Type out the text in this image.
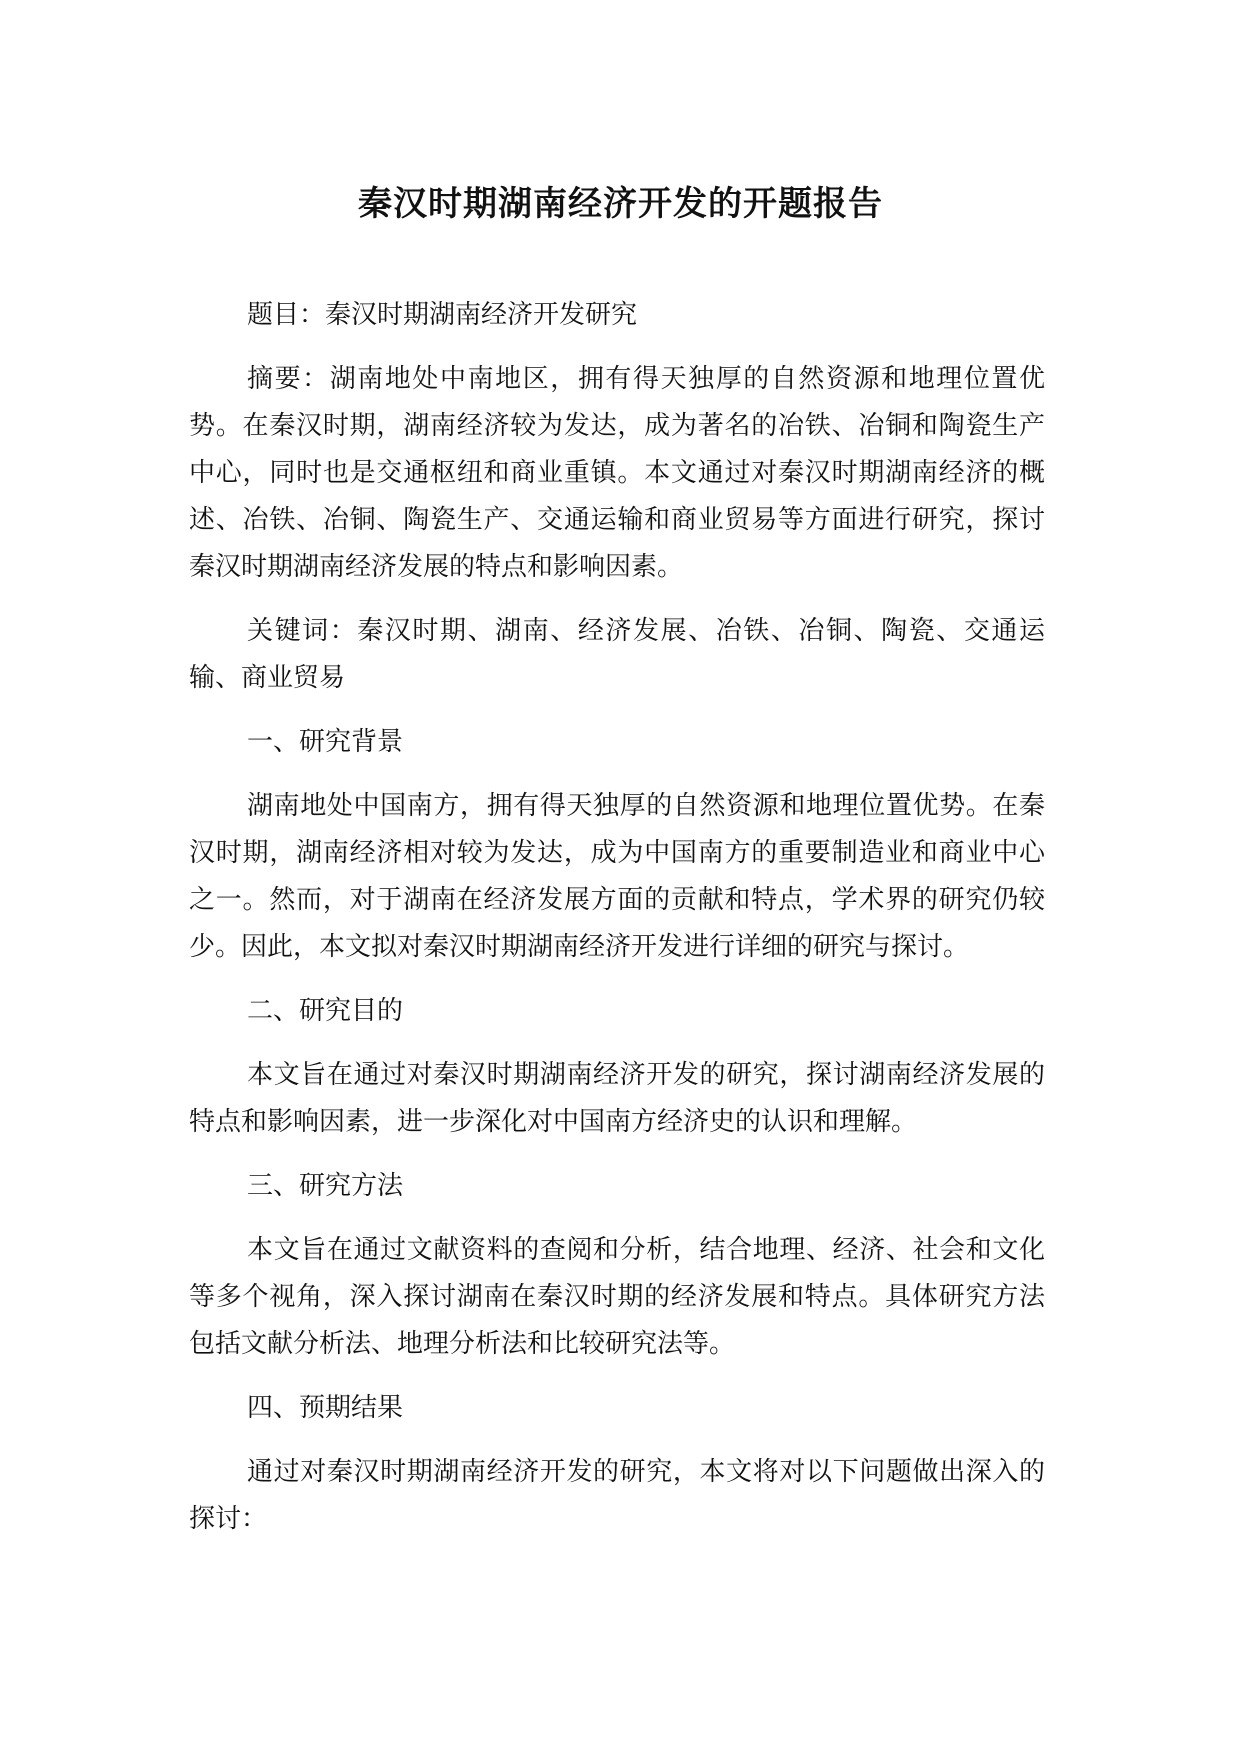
秦汉时期湖南经济开发的开题报告

题目：秦汉时期湖南经济开发研究

摘要：湖南地处中南地区，拥有得天独厚的自然资源和地理位置优势。在秦汉时期，湖南经济较为发达，成为著名的冶铁、冶铜和陶瓷生产中心，同时也是交通枢纽和商业重镇。本文通过对秦汉时期湖南经济的概述、冶铁、冶铜、陶瓷生产、交通运输和商业贸易等方面进行研究，探讨秦汉时期湖南经济发展的特点和影响因素。

关键词：秦汉时期、湖南、经济发展、冶铁、冶铜、陶瓷、交通运输、商业贸易

一、研究背景

湖南地处中国南方，拥有得天独厚的自然资源和地理位置优势。在秦汉时期，湖南经济相对较为发达，成为中国南方的重要制造业和商业中心之一。然而，对于湖南在经济发展方面的贡献和特点，学术界的研究仍较少。因此，本文拟对秦汉时期湖南经济开发进行详细的研究与探讨。

二、研究目的

本文旨在通过对秦汉时期湖南经济开发的研究，探讨湖南经济发展的特点和影响因素，进一步深化对中国南方经济史的认识和理解。

三、研究方法

本文旨在通过文献资料的查阅和分析，结合地理、经济、社会和文化等多个视角，深入探讨湖南在秦汉时期的经济发展和特点。具体研究方法包括文献分析法、地理分析法和比较研究法等。

四、预期结果

通过对秦汉时期湖南经济开发的研究，本文将对以下问题做出深入的探讨：
